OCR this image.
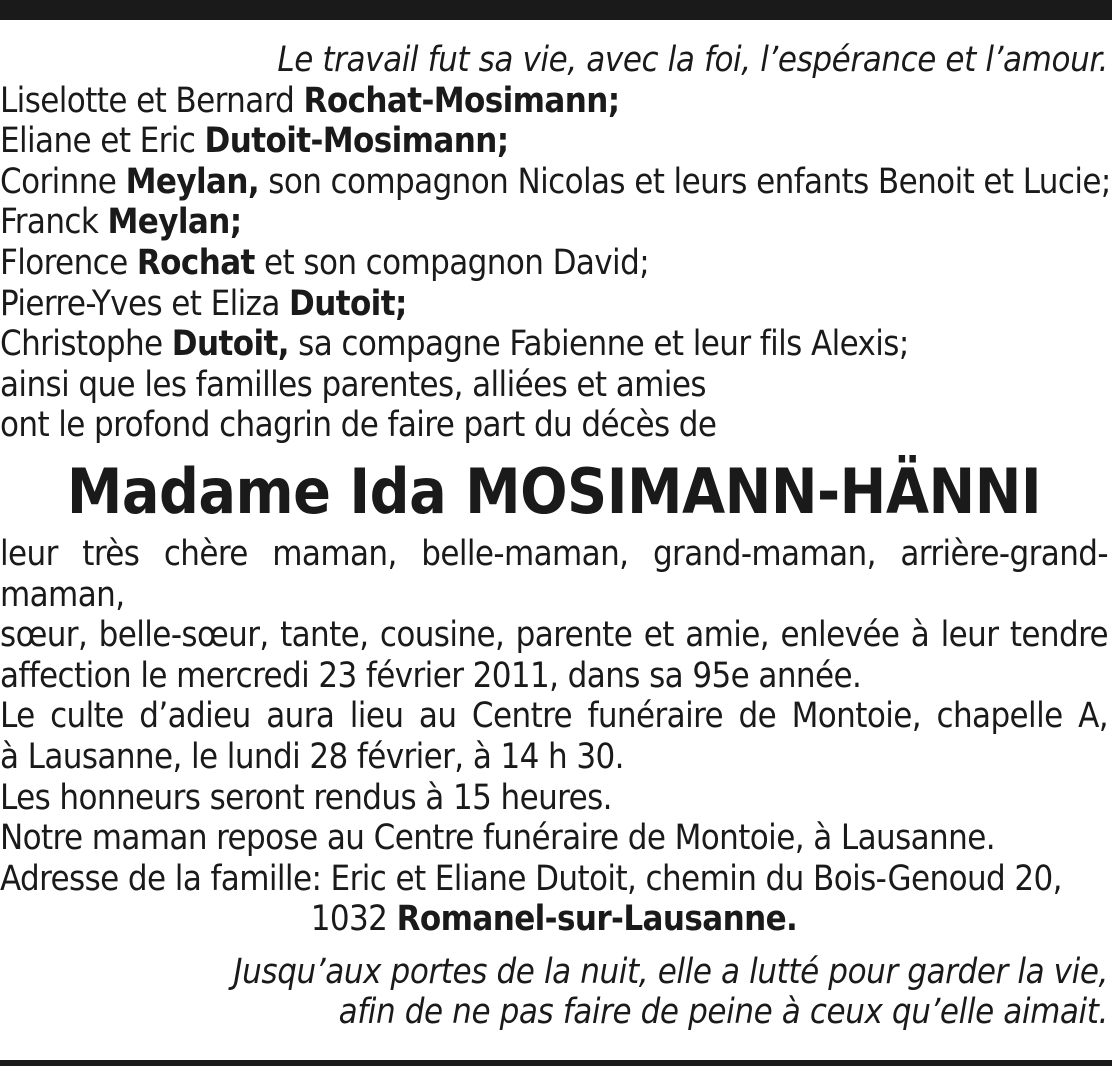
Le travail fut sa vie, avec la foi, l’espérance et l’amour.
Liselotte et Bernard Rochat-Mosimann;
Eliane et Eric Dutoit-Mosimann;
Corinne Meylan, son compagnon Nicolas et leurs enfants Benoit et Lucie;
Franck Meylan;
Florence Rochat et son compagnon David;
Pierre-Yves et Eliza Dutoit;
Christophe Dutoit, sa compagne Fabienne et leur fils Alexis;
ainsi que les familles parentes, alliées et amies
ont le profond chagrin de faire part du décès de
Madame Ida MOSIMANN-HÄNNI
leur très chère maman, belle-maman, grand-maman, arrière-grand-maman,
sœur, belle-sœur, tante, cousine, parente et amie, enlevée à leur tendre
affection le mercredi 23 février 2011, dans sa 95e année.
Le culte d’adieu aura lieu au Centre funéraire de Montoie, chapelle A,
à Lausanne, le lundi 28 février, à 14 h 30.
Les honneurs seront rendus à 15 heures.
Notre maman repose au Centre funéraire de Montoie, à Lausanne.
Adresse de la famille: Eric et Eliane Dutoit, chemin du Bois-Genoud 20,
1032 Romanel-sur-Lausanne.
Jusqu’aux portes de la nuit, elle a lutté pour garder la vie,
afin de ne pas faire de peine à ceux qu’elle aimait.
